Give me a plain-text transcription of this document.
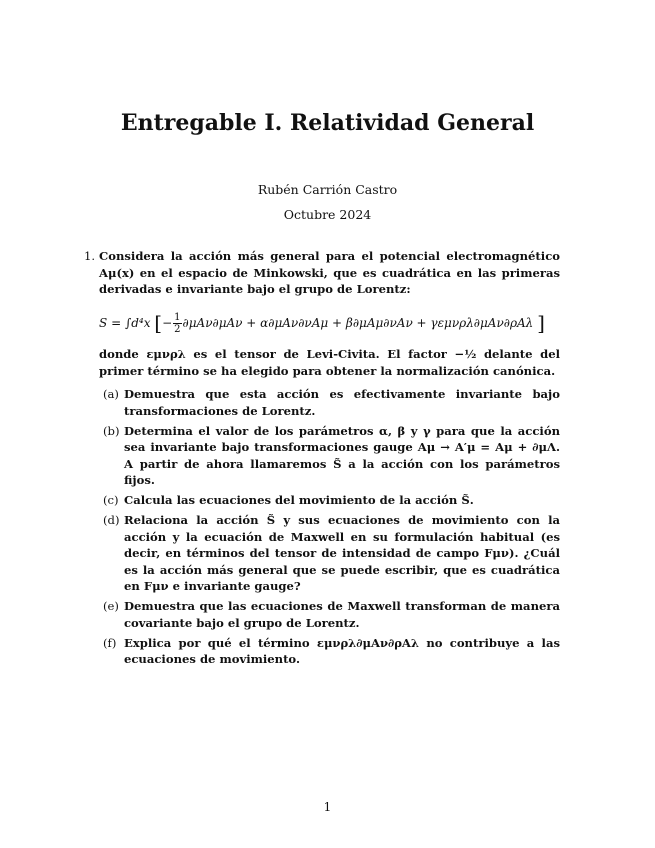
Entregable I. Relatividad General
Rubén Carrión Castro
Octubre 2024
1. Considera la acción más general para el potencial electromagnético Aμ(x) en el espacio de Minkowski, que es cuadrática en las primeras derivadas e invariante bajo el grupo de Lorentz:
S = ∫d⁴x [− $\frac{1}{2} \partial\mu A\nu\partial\mu A\nu + \alpha\partial\mu A\nu\partial\nu A\mu + \beta\partial\mu A\mu\partial\nu A\nu + \gamma\varepsilon\mu\nu\rho\lambda\partial\mu A\nu\partial\rho A\lambda$ ]
donde εμνρλ es el tensor de Levi-Civita. El factor −½ delante del primer término se ha elegido para obtener la normalización canónica.
(a) Demuestra que esta acción es efectivamente invariante bajo transformaciones de Lorentz.
(b) Determina el valor de los parámetros α, β y γ para que la acción sea invariante bajo transformaciones gauge Aμ → A′μ = Aμ + ∂μΛ. A partir de ahora llamaremos S̃ a la acción con los parámetros fijos.
(c) Calcula las ecuaciones del movimiento de la acción S̃.
(d) Relaciona la acción S̃ y sus ecuaciones de movimiento con la acción y la ecuación de Maxwell en su formulación habitual (es decir, en términos del tensor de intensidad de campo Fμν). ¿Cuál es la acción más general que se puede escribir, que es cuadrática en Fμν e invariante gauge?
(e) Demuestra que las ecuaciones de Maxwell transforman de manera covariante bajo el grupo de Lorentz.
(f) Explica por qué el término εμνρλ∂μAν∂ρAλ no contribuye a las ecuaciones de movimiento.
1
